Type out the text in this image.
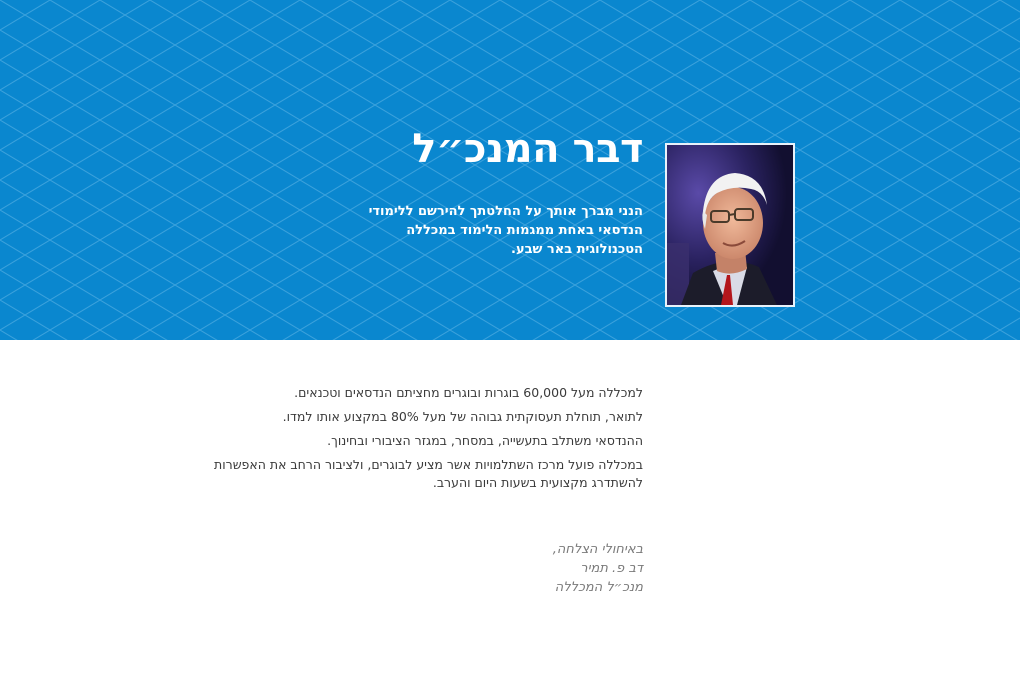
דבר המנכ״ל

הנני מברך אותך על החלטתך להירשם ללימודי הנדסאי באחת ממגמות הלימוד במכללה הטכנולוגית באר שבע.

למכללה מעל 60,000 בוגרות ובוגרים מחציתם הנדסאים וטכנאים.

לתואר, תוחלת תעסוקתית גבוהה של מעל 80% במקצוע אותו למדו.

ההנדסאי משתלב בתעשייה, במסחר, במגזר הציבורי ובחינוך.

במכללה פועל מרכז השתלמויות אשר מציע לבוגרים, ולציבור הרחב את האפשרות להשתדרג מקצועית בשעות היום והערב.

באיחולי הצלחה,
דב פ. תמיר
מנכ״ל המכללה
